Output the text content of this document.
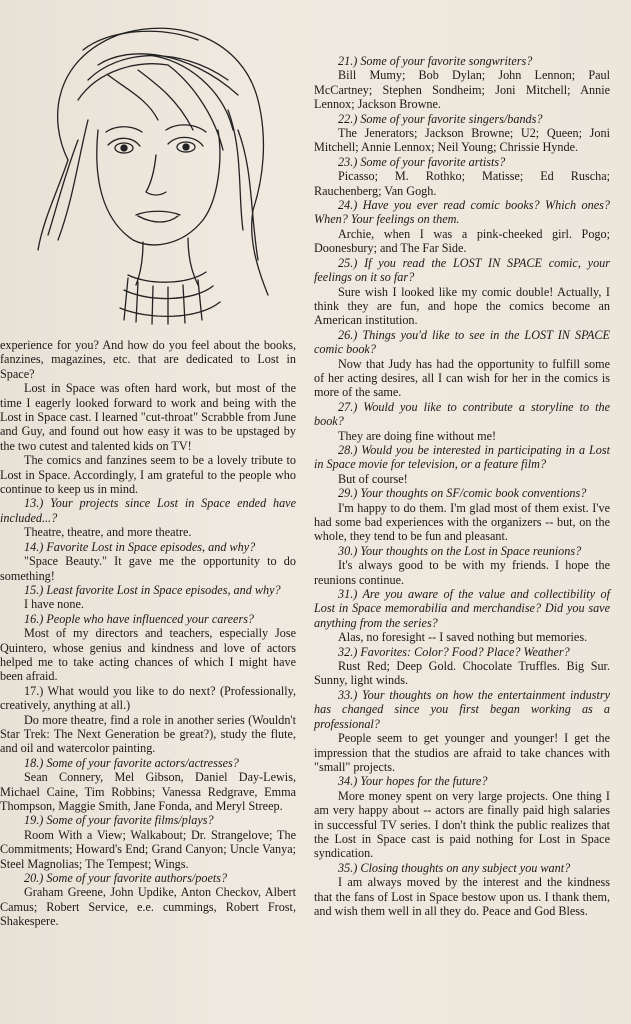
experience for you? And how do you feel about the books, fanzines, magazines, etc. that are dedicated to Lost in Space?

Lost in Space was often hard work, but most of the time I eagerly looked forward to work and being with the Lost in Space cast. I learned "cut-throat" Scrabble from June and Guy, and found out how easy it was to be upstaged by the two cutest and talented kids on TV!

The comics and fanzines seem to be a lovely tribute to Lost in Space. Accordingly, I am grateful to the people who continue to keep us in mind.

13.) Your projects since Lost in Space ended have included...?

Theatre, theatre, and more theatre.

14.) Favorite Lost in Space episodes, and why?

"Space Beauty." It gave me the opportunity to do something!

15.) Least favorite Lost in Space episodes, and why?

I have none.

16.) People who have influenced your careers?

Most of my directors and teachers, especially Jose Quintero, whose genius and kindness and love of actors helped me to take acting chances of which I might have been afraid.

17.) What would you like to do next? (Professionally, creatively, anything at all.)

Do more theatre, find a role in another series (Wouldn't Star Trek: The Next Generation be great?), study the flute, and oil and watercolor painting.

18.) Some of your favorite actors/actresses?

Sean Connery, Mel Gibson, Daniel Day-Lewis, Michael Caine, Tim Robbins; Vanessa Redgrave, Emma Thompson, Maggie Smith, Jane Fonda, and Meryl Streep.

19.) Some of your favorite films/plays?

Room With a View; Walkabout; Dr. Strangelove; The Commitments; Howard's End; Grand Canyon; Uncle Vanya; Steel Magnolias; The Tempest; Wings.

20.) Some of your favorite authors/poets?

Graham Greene, John Updike, Anton Checkov, Albert Camus; Robert Service, e.e. cummings, Robert Frost, Shakespere.

21.) Some of your favorite songwriters?

Bill Mumy; Bob Dylan; John Lennon; Paul McCartney; Stephen Sondheim; Joni Mitchell; Annie Lennox; Jackson Browne.

22.) Some of your favorite singers/bands?

The Jenerators; Jackson Browne; U2; Queen; Joni Mitchell; Annie Lennox; Neil Young; Chrissie Hynde.

23.) Some of your favorite artists?

Picasso; M. Rothko; Matisse; Ed Ruscha; Rauchenberg; Van Gogh.

24.) Have you ever read comic books? Which ones? When? Your feelings on them.

Archie, when I was a pink-cheeked girl. Pogo; Doonesbury; and The Far Side.

25.) If you read the LOST IN SPACE comic, your feelings on it so far?

Sure wish I looked like my comic double! Actually, I think they are fun, and hope the comics become an American institution.

26.) Things you'd like to see in the LOST IN SPACE comic book?

Now that Judy has had the opportunity to fulfill some of her acting desires, all I can wish for her in the comics is more of the same.

27.) Would you like to contribute a storyline to the book?

They are doing fine without me!

28.) Would you be interested in participating in a Lost in Space movie for television, or a feature film?

But of course!

29.) Your thoughts on SF/comic book conventions?

I'm happy to do them. I'm glad most of them exist. I've had some bad experiences with the organizers -- but, on the whole, they tend to be fun and pleasant.

30.) Your thoughts on the Lost in Space reunions?

It's always good to be with my friends. I hope the reunions continue.

31.) Are you aware of the value and collectibility of Lost in Space memorabilia and merchandise? Did you save anything from the series?

Alas, no foresight -- I saved nothing but memories.

32.) Favorites: Color? Food? Place? Weather?

Rust Red; Deep Gold. Chocolate Truffles. Big Sur. Sunny, light winds.

33.) Your thoughts on how the entertainment industry has changed since you first began working as a professional?

People seem to get younger and younger! I get the impression that the studios are afraid to take chances with "small" projects.

34.) Your hopes for the future?

More money spent on very large projects. One thing I am very happy about -- actors are finally paid high salaries in successful TV series. I don't think the public realizes that the Lost in Space cast is paid nothing for Lost in Space syndication.

35.) Closing thoughts on any subject you want?

I am always moved by the interest and the kindness that the fans of Lost in Space bestow upon us. I thank them, and wish them well in all they do. Peace and God Bless.
